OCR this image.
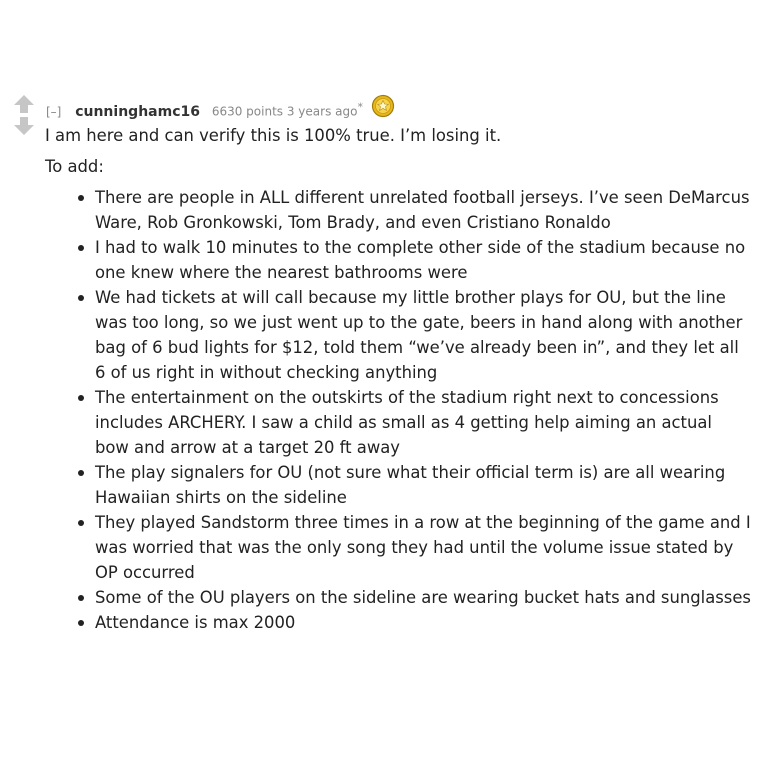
[–] cunninghamc16 6630 points 3 years ago*

I am here and can verify this is 100% true. I’m losing it.

To add:

There are people in ALL different unrelated football jerseys. I’ve seen DeMarcus Ware, Rob Gronkowski, Tom Brady, and even Cristiano Ronaldo
I had to walk 10 minutes to the complete other side of the stadium because no one knew where the nearest bathrooms were
We had tickets at will call because my little brother plays for OU, but the line was too long, so we just went up to the gate, beers in hand along with another bag of 6 bud lights for $12, told them “we’ve already been in”, and they let all 6 of us right in without checking anything
The entertainment on the outskirts of the stadium right next to concessions includes ARCHERY. I saw a child as small as 4 getting help aiming an actual bow and arrow at a target 20 ft away
The play signalers for OU (not sure what their official term is) are all wearing Hawaiian shirts on the sideline
They played Sandstorm three times in a row at the beginning of the game and I was worried that was the only song they had until the volume issue stated by OP occurred
Some of the OU players on the sideline are wearing bucket hats and sunglasses
Attendance is max 2000
